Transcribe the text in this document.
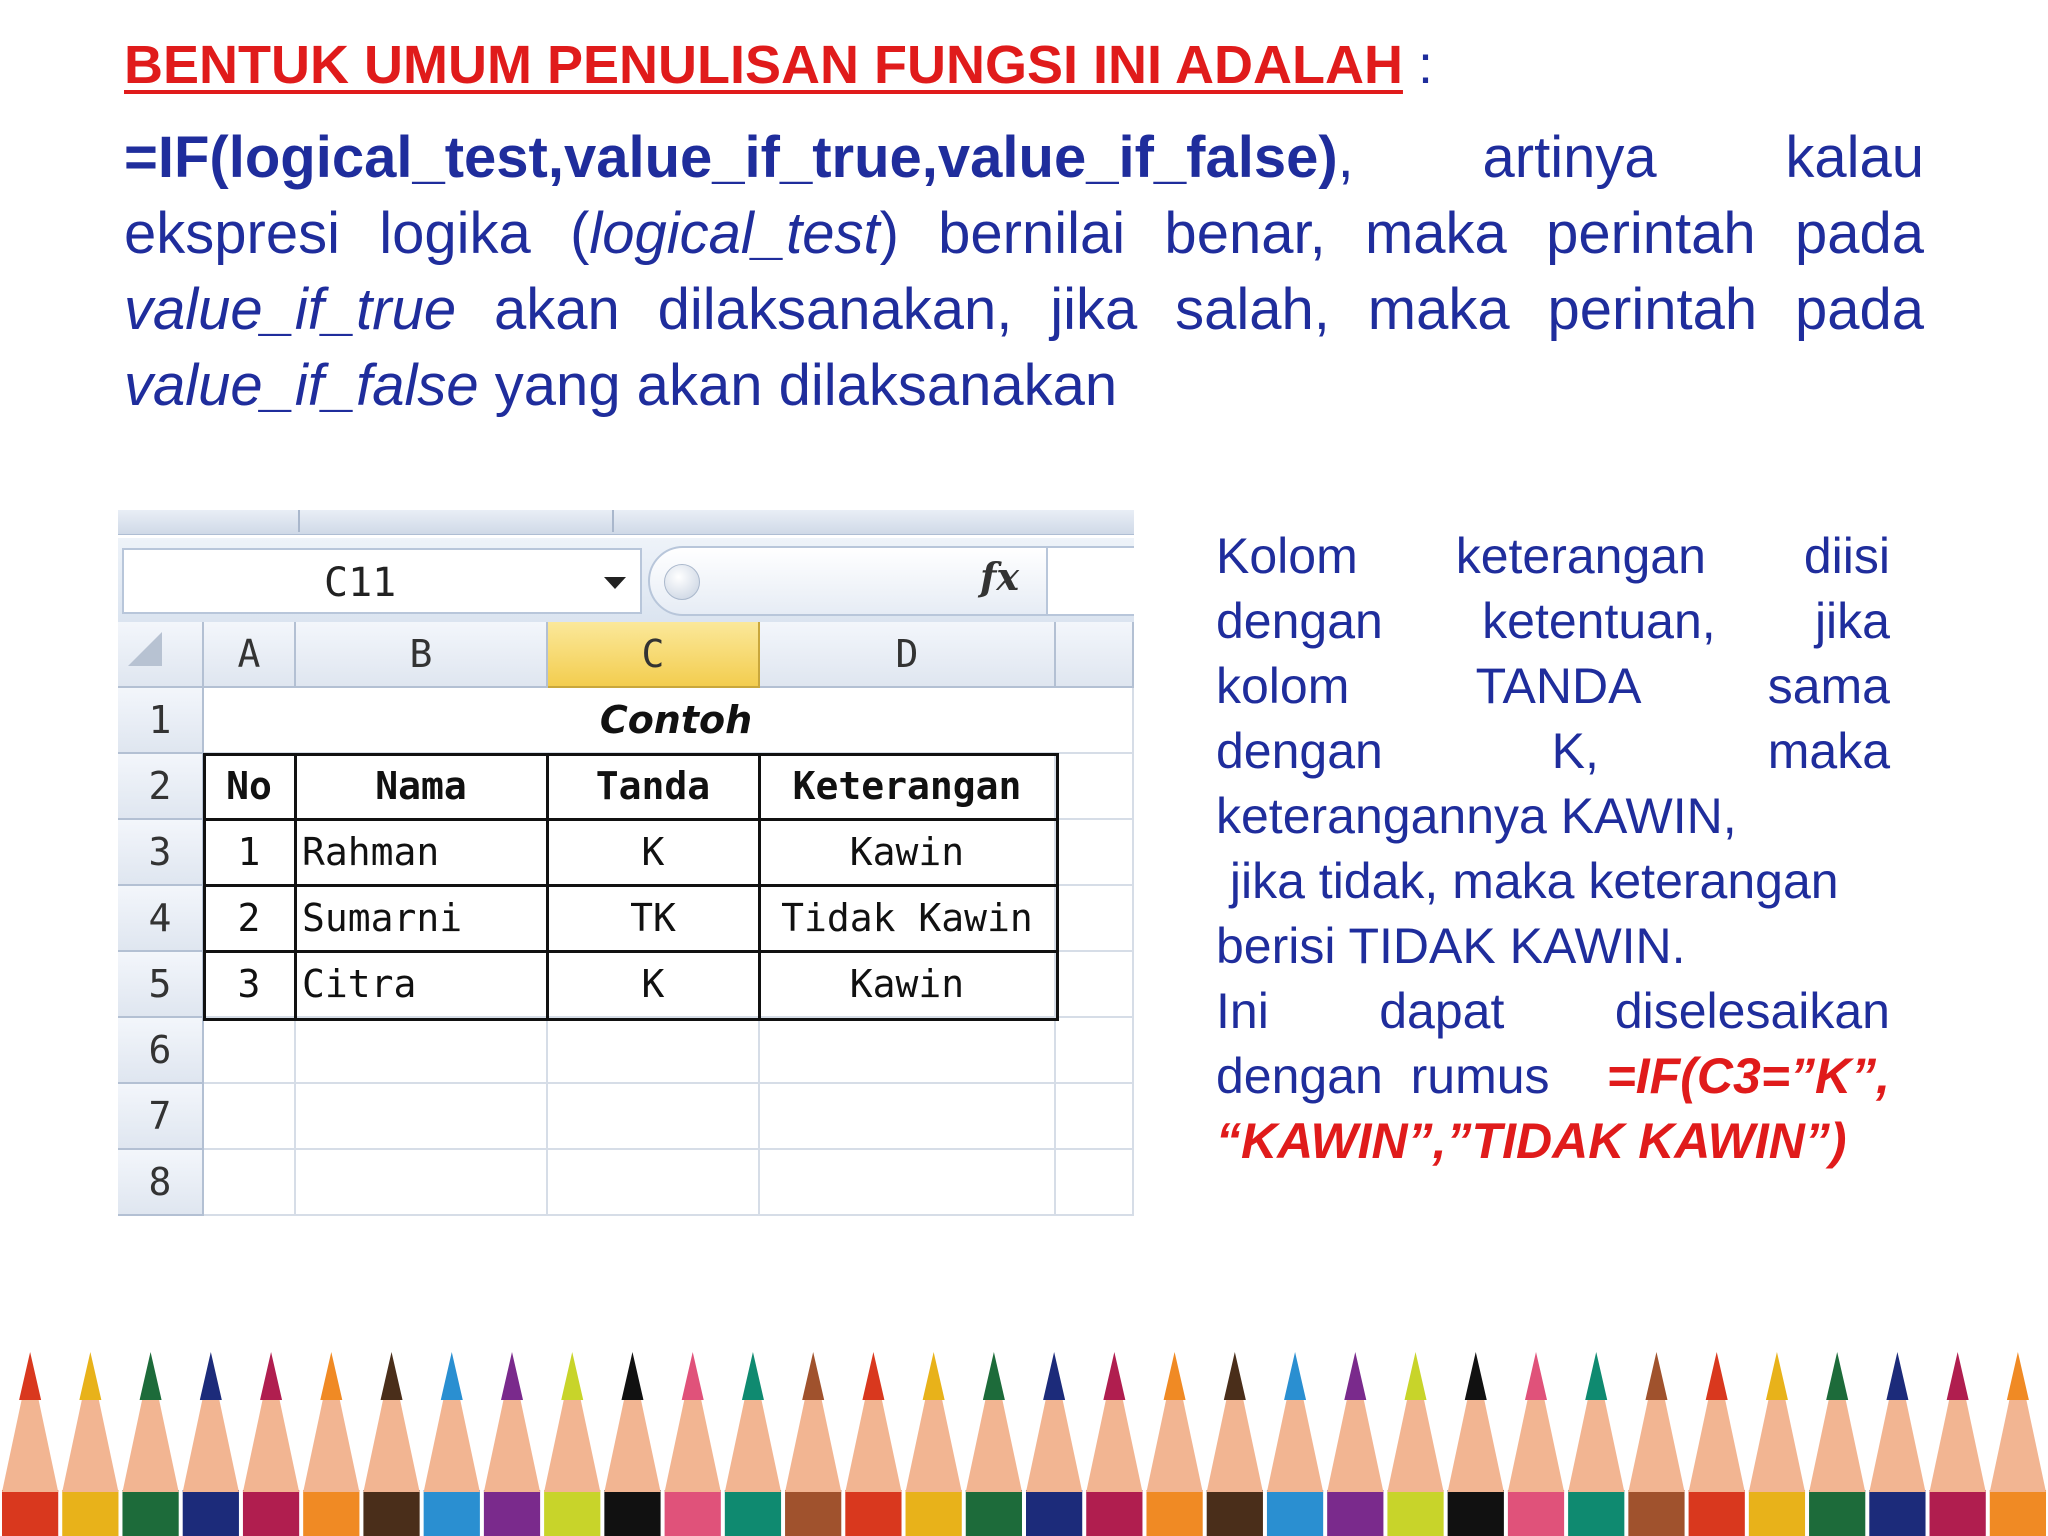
BENTUK UMUM PENULISAN FUNGSI INI ADALAH :
=IF(logical_test,value_if_true,value_if_false), artinya kalau ekspresi logika (logical_test) bernilai benar, maka perintah pada value_if_true akan dilaksanakan, jika salah, maka perintah pada value_if_false yang akan dilaksanakan
C11	fx
A	B	C	D
1
2
3
4
5
6
7
8
Contoh
No	Nama	Tanda	Keterangan
1	Rahman	K	Kawin
2	Sumarni	TK	Tidak Kawin
3	Citra	K	Kawin
Kolom keterangan diisi
dengan ketentuan, jika
kolom	TANDA	sama
dengan	K,	maka
keterangannya KAWIN,
jika tidak, maka keterangan
berisi TIDAK KAWIN.
Ini dapat diselesaikan
dengan  rumus =IF(C3=”K”,
“KAWIN”,”TIDAK KAWIN”)
